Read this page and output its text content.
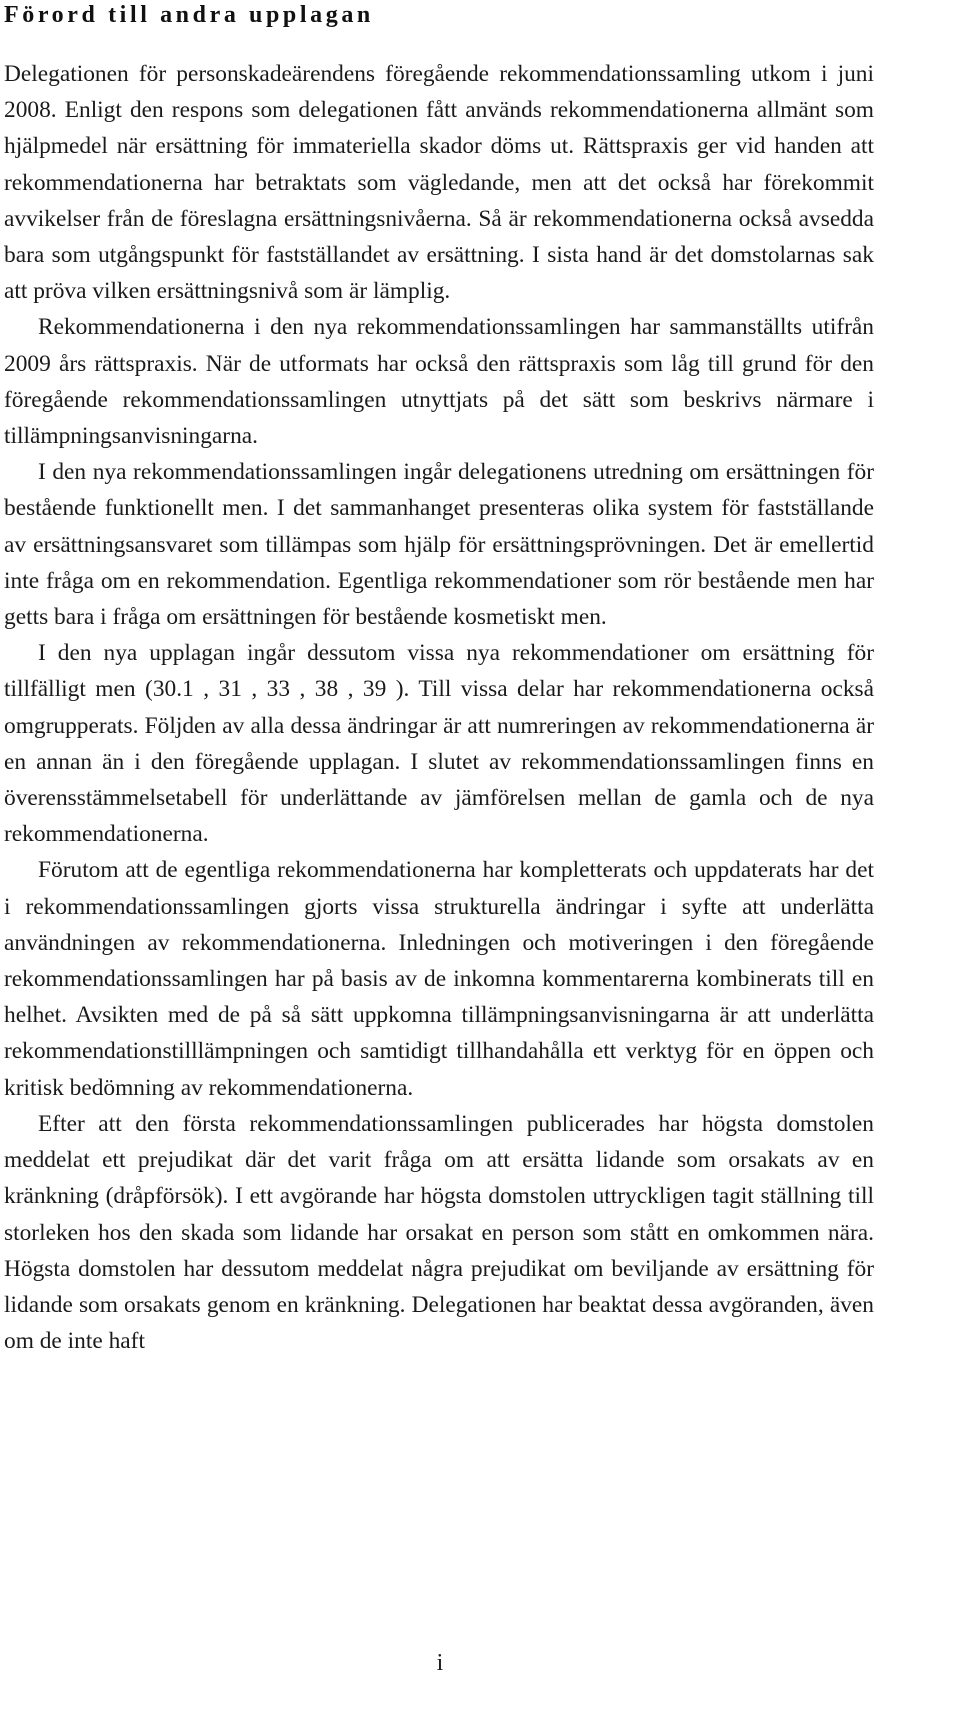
Förord till andra upplagan

Delegationen för personskadeärendens föregående rekommendationssamling utkom i juni 2008. Enligt den respons som delegationen fått används rekommendationerna allmänt som hjälpmedel när ersättning för immateriella skador döms ut. Rättspraxis ger vid handen att rekommendationerna har betraktats som vägledande, men att det också har förekommit avvikelser från de föreslagna ersättningsnivåerna. Så är rekommendationerna också avsedda bara som utgångspunkt för fastställandet av ersättning. I sista hand är det domstolarnas sak att pröva vilken ersättningsnivå som är lämplig.

Rekommendationerna i den nya rekommendationssamlingen har sammanställts utifrån 2009 års rättspraxis. När de utformats har också den rättspraxis som låg till grund för den föregående rekommendationssamlingen utnyttjats på det sätt som beskrivs närmare i tillämpningsanvisningarna.

I den nya rekommendationssamlingen ingår delegationens utredning om ersättningen för bestående funktionellt men. I det sammanhanget presenteras olika system för fastställande av ersättningsansvaret som tillämpas som hjälp för ersättningsprövningen. Det är emellertid inte fråga om en rekommendation. Egentliga rekommendationer som rör bestående men har getts bara i fråga om ersättningen för bestående kosmetiskt men.

I den nya upplagan ingår dessutom vissa nya rekommendationer om ersättning för tillfälligt men (30.1 , 31 , 33 , 38 , 39 ). Till vissa delar har rekommendationerna också omgrupperats. Följden av alla dessa ändringar är att numreringen av rekommendationerna är en annan än i den föregående upplagan. I slutet av rekommendationssamlingen finns en överensstämmelsetabell för underlättande av jämförelsen mellan de gamla och de nya rekommendationerna.

Förutom att de egentliga rekommendationerna har kompletterats och uppdaterats har det i rekommendationssamlingen gjorts vissa strukturella ändringar i syfte att underlätta användningen av rekommendationerna. Inledningen och motiveringen i den föregående rekommendationssamlingen har på basis av de inkomna kommentarerna kombinerats till en helhet. Avsikten med de på så sätt uppkomna tillämpningsanvisningarna är att underlätta rekommendationstilllämpningen och samtidigt tillhandahålla ett verktyg för en öppen och kritisk bedömning av rekommendationerna.

Efter att den första rekommendationssamlingen publicerades har högsta domstolen meddelat ett prejudikat där det varit fråga om att ersätta lidande som orsakats av en kränkning (dråpförsök). I ett avgörande har högsta domstolen uttryckligen tagit ställning till storleken hos den skada som lidande har orsakat en person som stått en omkommen nära. Högsta domstolen har dessutom meddelat några prejudikat om beviljande av ersättning för lidande som orsakats genom en kränkning. Delegationen har beaktat dessa avgöranden, även om de inte haft

i
